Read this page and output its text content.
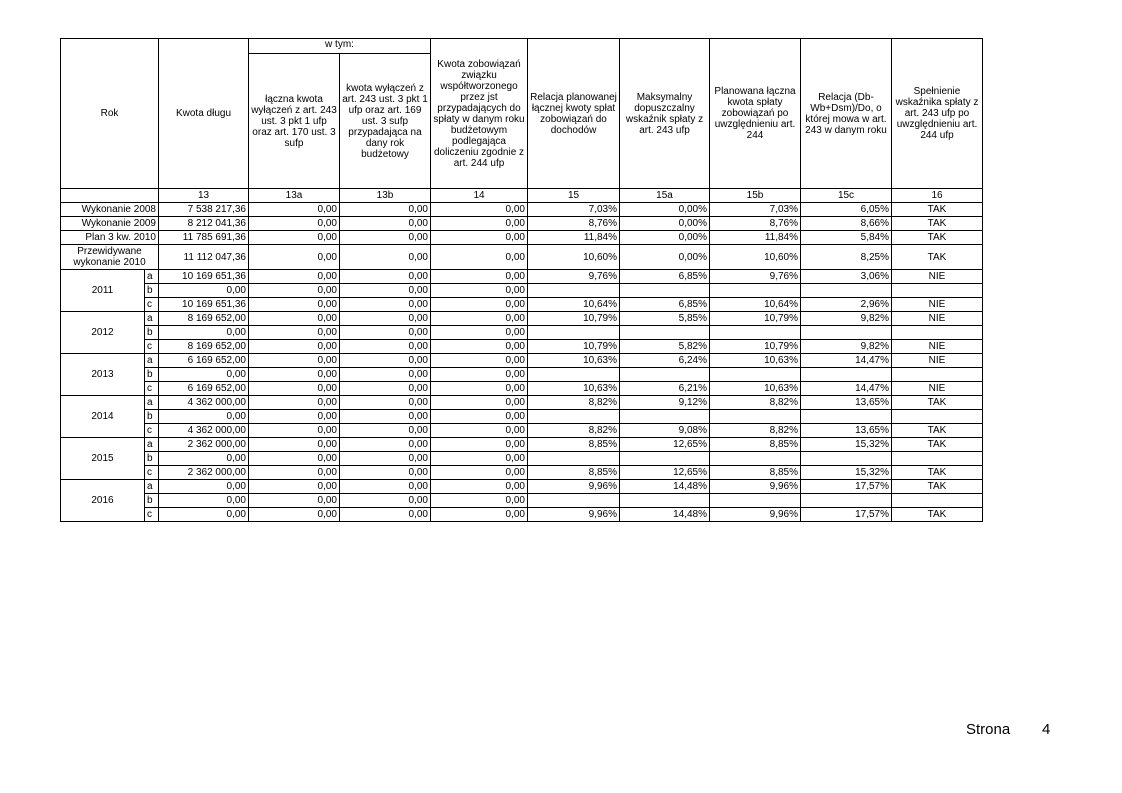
Rok		Kwota długu	w tym:		Kwota zobowiązań związku współtworzonego przez jst przypadających do spłaty w danym roku budżetowym podlegająca doliczeniu zgodnie z art. 244 ufp	Relacja planowanej łącznej kwoty spłat zobowiązań do dochodów	Maksymalny dopuszczalny wskaźnik spłaty z art. 243 ufp	Planowana łączna kwota spłaty zobowiązań po uwzględnieniu art. 244	Relacja (Db-Wb+Dsm)/Do, o której mowa w art. 243 w danym roku	Spełnienie wskaźnika spłaty z art. 243 ufp po uwzględnieniu art. 244 ufp
			łączna kwota wyłączeń z art. 243 ust. 3 pkt 1 ufp oraz art. 170 ust. 3 sufp	kwota wyłączeń z art. 243 ust. 3 pkt 1 ufp oraz art. 169 ust. 3 sufp przypadająca na dany rok budżetowy						
		13	13a	13b	14	15	15a	15b	15c	16
Wykonanie 2008		7 538 217,36	0,00	0,00	0,00	7,03%	0,00%	7,03%	6,05%	TAK
Wykonanie 2009		8 212 041,36	0,00	0,00	0,00	8,76%	0,00%	8,76%	8,66%	TAK
Plan 3 kw. 2010		11 785 691,36	0,00	0,00	0,00	11,84%	0,00%	11,84%	5,84%	TAK
Przewidywane wykonanie 2010		11 112 047,36	0,00	0,00	0,00	10,60%	0,00%	10,60%	8,25%	TAK
2011	a	10 169 651,36	0,00	0,00	0,00	9,76%	6,85%	9,76%	3,06%	NIE
	b	0,00	0,00	0,00	0,00					
	c	10 169 651,36	0,00	0,00	0,00	10,64%	6,85%	10,64%	2,96%	NIE
2012	a	8 169 652,00	0,00	0,00	0,00	10,79%	5,85%	10,79%	9,82%	NIE
	b	0,00	0,00	0,00	0,00					
	c	8 169 652,00	0,00	0,00	0,00	10,79%	5,82%	10,79%	9,82%	NIE
2013	a	6 169 652,00	0,00	0,00	0,00	10,63%	6,24%	10,63%	14,47%	NIE
	b	0,00	0,00	0,00	0,00					
	c	6 169 652,00	0,00	0,00	0,00	10,63%	6,21%	10,63%	14,47%	NIE
2014	a	4 362 000,00	0,00	0,00	0,00	8,82%	9,12%	8,82%	13,65%	TAK
	b	0,00	0,00	0,00	0,00					
	c	4 362 000,00	0,00	0,00	0,00	8,82%	9,08%	8,82%	13,65%	TAK
2015	a	2 362 000,00	0,00	0,00	0,00	8,85%	12,65%	8,85%	15,32%	TAK
	b	0,00	0,00	0,00	0,00					
	c	2 362 000,00	0,00	0,00	0,00	8,85%	12,65%	8,85%	15,32%	TAK
2016	a	0,00	0,00	0,00	0,00	9,96%	14,48%	9,96%	17,57%	TAK
	b	0,00	0,00	0,00	0,00					
	c	0,00	0,00	0,00	0,00	9,96%	14,48%	9,96%	17,57%	TAK
Strona 4
